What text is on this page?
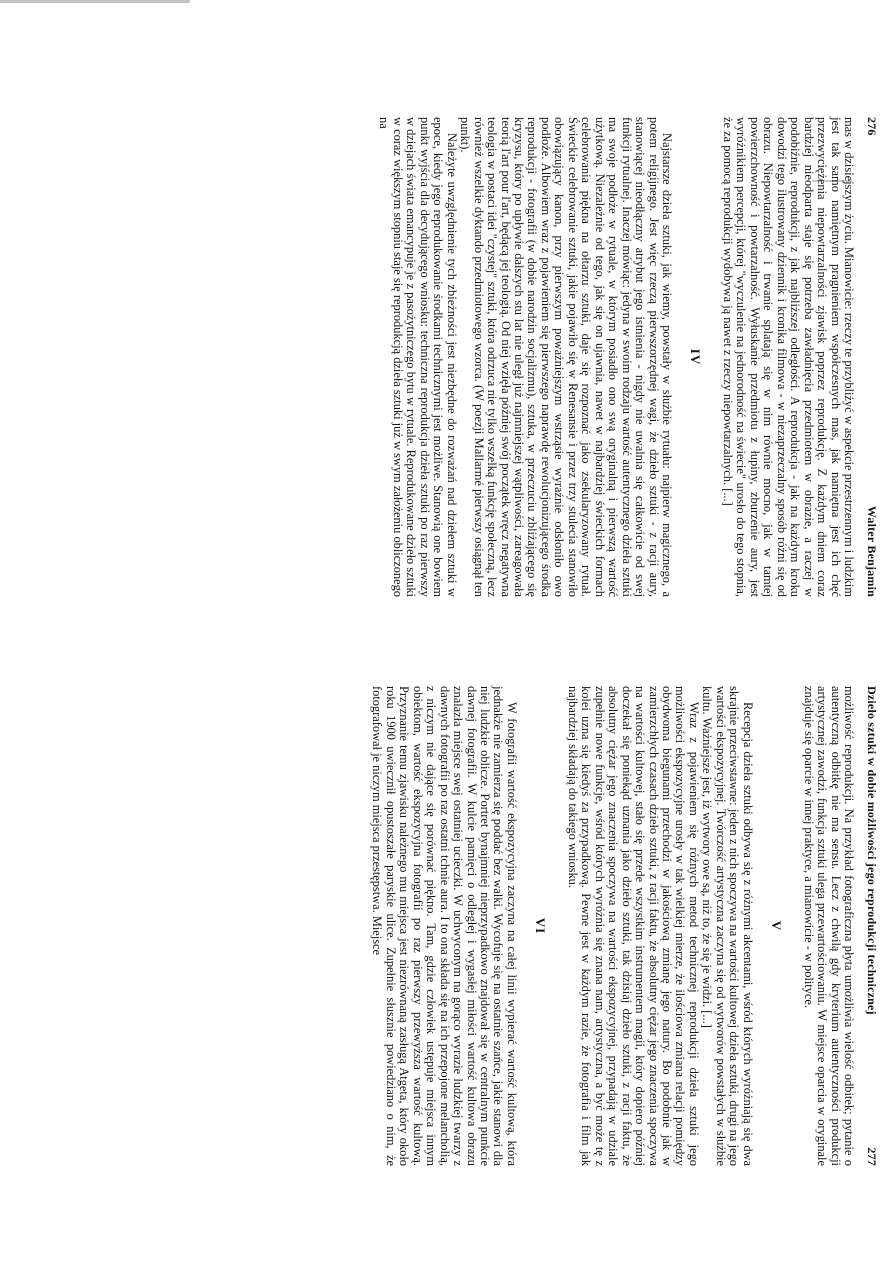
276
Walter Benjamin

mas w dzisiejszym życiu. Mianowicie: rzeczy te przybliżyć w aspekcie przestrzennym i ludzkim jest tak samo namiętnym pragnieniem współczesnych mas, jak namiętna jest ich chęć przezwyciężenia niepowtarzalności zjawisk poprzez reprodukcję. Z każdym dniem coraz bardziej nieodparta staje się potrzeba zawładnięcia przedmiotem w obrazie, a raczej w podobiźnie, reprodukcji, z jak najbliższej odległości. A reprodukcja - jak na każdym kroku dowodzi tego ilustrowany dziennik i kronika filmowa - w niezaprzeczalny sposób różni się od obrazu. Niepowtarzalność i trwanie splatają się w nim równie mocno, jak w tamtej powierzchowność i powtarzalność. Wyłuskanie przedmiotu z łupiny, zburzenie aury, jest wyróżnikiem percepcji, której "wyczulenie na jednorodność na świecie" urosło do tego stopnia, że za pomocą reprodukcji wydobywa ją nawet z rzeczy niepowtarzalnych. [...]

IV

Najstarsze dzieła sztuki, jak wiemy, powstały w służbie rytuału: najpierw magicznego, a potem religijnego. Jest więc rzeczą pierwszorzędnej wagi, że dzieło sztuki - z racji aury, stanowiącej nieodłączny atrybut jego istnienia - nigdy nie uwalnia się całkowicie od swej funkcji rytualnej. Inaczej mówiąc: jedyna w swoim rodzaju wartość autentycznego dzieła sztuki ma swoje podłoże w rytuale, w którym posiadło ono swą oryginalną i pierwszą wartość użytkową. Niezależnie od tego, jak się on ujawnia, nawet w najbardziej świeckich formach celebrowania piękna na ołtarzu sztuki, daje się rozpoznać jako zsekularyzowany rytuał. Świeckie celebrowanie sztuki, jakie pojawiło się w Renesansie i przez trzy stulecia stanowiło obowiązujący kanon, przy pierwszym poważniejszym wstrząsie wyraźnie odsłoniło owo podłoże. Albowiem wraz z pojawieniem się pierwszego naprawdę rewolucjonizującego środka reprodukcji - fotografii (w dobie narodzin socjalizmu), sztuka, w przeczuciu zbliżającego się kryzysu, który po upływie dalszych stu lat nie uległ już najmniejszej wątpliwości, zareagowała teorią l'art pour l'art, będącą jej teologią. Od niej wzięła później swój początek wręcz negatywna teologia w postaci idei "czystej" sztuki, która odrzuca nie tylko wszelką funkcję społeczną, lecz również wszelkie dyktando przedmiotowego wzorca. (W poezji Mallarmé pierwszy osiągnął ten punkt).

Należyte uwzględnienie tych zbieżności jest niezbędne do rozważań nad dziełem sztuki w epoce, kiedy jego reprodukowanie środkami technicznymi jest możliwe. Stanowią one bowiem punkt wyjścia dla decydującego wniosku: techniczna reprodukcja dzieła sztuki po raz pierwszy w dziejach świata emancypuje je z pasożytniczego bytu w rytuale. Reprodukowane dzieło sztuki w coraz większym stopniu staje się reprodukcją dzieła sztuki już w swym założeniu obliczonego na

Dzieło sztuki w dobie możliwości jego reprodukcji technicznej
277

możliwość reprodukcji. Na przykład fotograficzna płyta umożliwia wielość odbitek; pytanie o autentyczną odbitkę nie ma sensu. Lecz z chwilą gdy kryterium autentyczności produkcji artystycznej zawodzi, funkcja sztuki ulega przewartościowaniu. W miejsce oparcia w oryginale znajduje się oparcie w innej praktyce, a mianowicie - w polityce.

V

Recepcja dzieła sztuki odbywa się z różnymi akcentami, wśród których wyróżniają się dwa skrajnie przeciwstawne: jeden z nich spoczywa na wartości kultowej dzieła sztuki, drugi na jego wartości ekspozycyjnej. Twórczość artystyczna zaczyna się od wytworów powstałych w służbie kultu. Ważniejsze jest, iż wytwory owe są, niż to, że się je widzi. [...]

Wraz z pojawieniem się różnych metod technicznej reprodukcji dzieła sztuki jego możliwości ekspozycyjne urosły w tak wielkiej mierze, że ilościowa zmiana relacji pomiędzy obydwoma biegunami przechodzi w jakościową zmianę jego natury. Bo podobnie jak w zamierzchłych czasach dzieło sztuki, z racji faktu, że absolutny ciężar jego znaczenia spoczywa na wartości kultowej, stało się przede wszystkim instrumentem magii, który dopiero później doczekał się poniekąd uznania jako dzieło sztuki, tak dzisiaj dzieło sztuki, z racji faktu, że absolutny ciężar jego znaczenia spoczywa na wartości ekspozycyjnej, przypadają w udziale zupełnie nowe funkcje, wśród których wyróżnia się znana nam, artystyczna, a być może tę z kolei uzna się kiedyś za przypadkową. Pewne jest w każdym razie, że fotografia i film jak najbardziej składają do takiego wniosku.

VI

W fotografii wartość ekspozycyjna zaczyna na całej linii wypierać wartość kultową, która jednakże nie zamierza się poddać bez walki. Wycofuje się na ostatnie szańce, jakie stanowi dla niej ludzkie oblicze. Portret bynajmniej nieprzypadkowo znajdował się w centralnym punkcie dawnej fotografii. W kulcie pamięci o odległej i wygasłej miłości wartość kultowa obrazu znalazła miejsce swej ostatniej ucieczki. W uchwyconym na gorąco wyrazie ludzkiej twarzy z dawnych fotografii po raz ostatni tchnie aura. I to ona składa się na ich przepojone melancholią, z niczym nie dające się porównać piękno. Tam, gdzie człowiek ustępuje miejsca innym obiektom, wartość ekspozycyjna fotografii po raz pierwszy przewyższa wartość kultową. Przyznanie temu zjawisku należnego mu miejsca jest niezrównaną zasługą Atgeta, który około roku 1900 uwiecznił opustoszałe paryskie ulice. Zupełnie słusznie powiedziano o nim, że fotografował je niczym miejsca przestępstwa. Miejsce
